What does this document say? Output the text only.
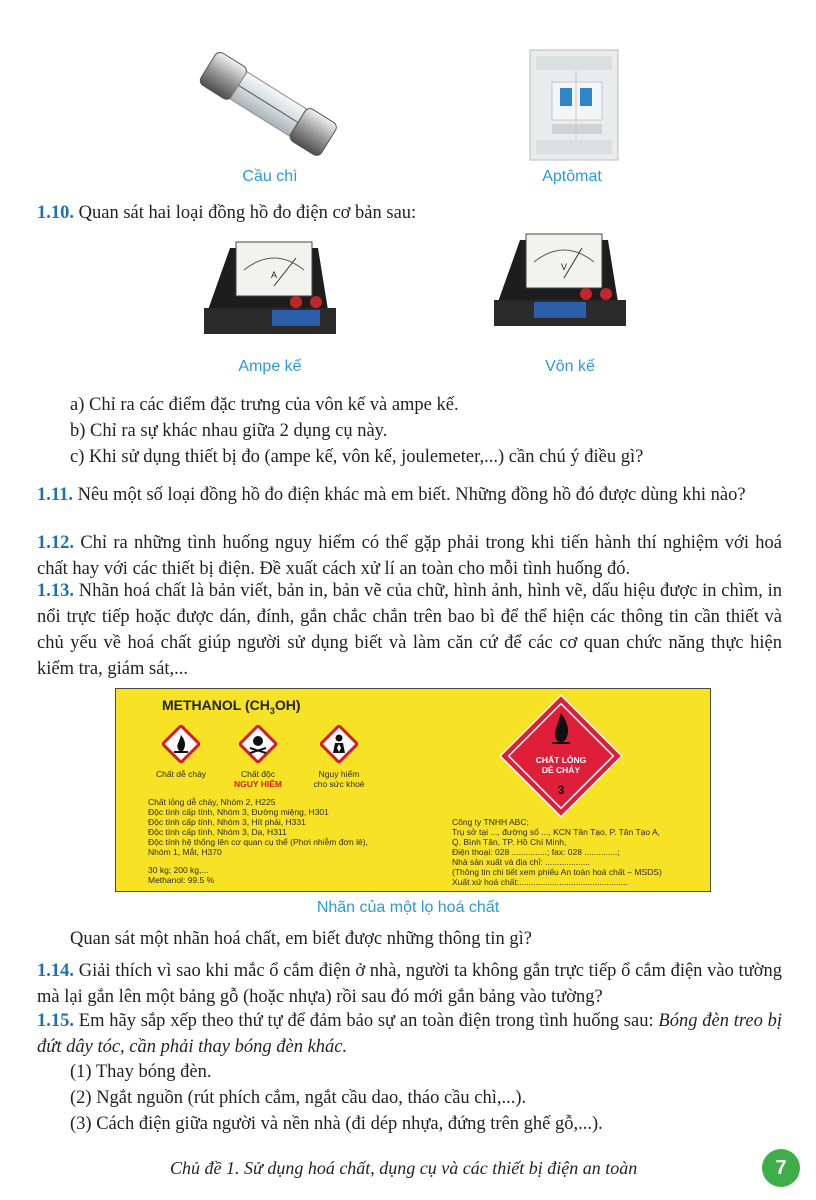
Cầu chì	Aptômat
1.10. Quan sát hai loại đồng hồ đo điện cơ bản sau:
A
Ampe kế
V
Vôn kế
a) Chỉ ra các điểm đặc trưng của vôn kế và ampe kế.
b) Chỉ ra sự khác nhau giữa 2 dụng cụ này.
c) Khi sử dụng thiết bị đo (ampe kế, vôn kế, joulemeter,...) cần chú ý điều gì?
1.11. Nêu một số loại đồng hồ đo điện khác mà em biết. Những đồng hồ đó được dùng khi nào?
1.12. Chỉ ra những tình huống nguy hiểm có thể gặp phải trong khi tiến hành thí nghiệm với hoá chất hay với các thiết bị điện. Đề xuất cách xử lí an toàn cho mỗi tình huống đó.
1.13. Nhãn hoá chất là bản viết, bản in, bản vẽ của chữ, hình ảnh, hình vẽ, dấu hiệu được in chìm, in nổi trực tiếp hoặc được dán, đính, gắn chắc chắn trên bao bì để thể hiện các thông tin cần thiết và chủ yếu về hoá chất giúp người sử dụng biết và làm căn cứ để các cơ quan chức năng thực hiện kiểm tra, giám sát,...
METHANOL $(CH_3OH)$
Chất dễ cháy	Chất độc
NGUY HIỂM
Nguy hiểm
cho sức khoẻ
CHẤT LỎNG
DỄ CHÁY
3
Chất lỏng dễ cháy, Nhóm 2, H225
Độc tính cấp tính, Nhóm 3, Đường miệng, H301
Độc tính cấp tính, Nhóm 3, Hít phải, H331
Độc tính cấp tính, Nhóm 3, Da, H311
Độc tính hệ thống lên cơ quan cụ thể (Phơi nhiễm đơn lẻ),
Nhóm 1, Mắt, H370
30 kg; 200 kg,...
Methanol: 99.5 %
Công ty TNHH ABC;
Trụ sở tại ..., đường số ..., KCN Tân Tạo, P. Tân Tạo A,
Q. Bình Tân, TP. Hồ Chí Minh,
Điện thoại: 028 ...............; fax: 028 ..............;
Nhà sản xuất và địa chỉ: ...................
(Thông tin chi tiết xem phiếu An toàn hoá chất – MSDS)
Xuất xứ hoá chất:..............................................
Nhãn của một lọ hoá chất
Quan sát một nhãn hoá chất, em biết được những thông tin gì?
1.14. Giải thích vì sao khi mắc ổ cắm điện ở nhà, người ta không gắn trực tiếp ổ cắm điện vào tường mà lại gắn lên một bảng gỗ (hoặc nhựa) rồi sau đó mới gắn bảng vào tường?
1.15. Em hãy sắp xếp theo thứ tự để đảm bảo sự an toàn điện trong tình huống sau: Bóng đèn treo bị đứt dây tóc, cần phải thay bóng đèn khác.
(1) Thay bóng đèn.
(2) Ngắt nguồn (rút phích cắm, ngắt cầu dao, tháo cầu chì,...).
(3) Cách điện giữa người và nền nhà (đi dép nhựa, đứng trên ghế gỗ,...).
Chủ đề 1. Sử dụng hoá chất, dụng cụ và các thiết bị điện an toàn	7
